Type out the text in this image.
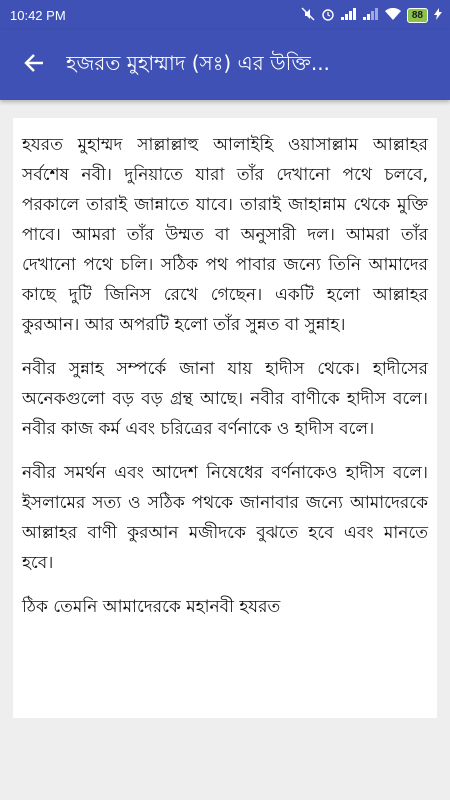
10:42 PM	88
হজরত মুহাম্মাদ (সঃ) এর উক্তি...

হযরত মুহাম্মদ সাল্লাল্লাহু আলাইহি ওয়াসাল্লাম আল্লাহর সর্বশেষ নবী। দুনিয়াতে যারা তাঁর দেখানো পথে চলবে, পরকালে তারাই জান্নাতে যাবে। তারাই জাহান্নাম থেকে মুক্তি পাবে। আমরা তাঁর উম্মত বা অনুসারী দল। আমরা তাঁর দেখানো পথে চলি। সঠিক পথ পাবার জন্যে তিনি আমাদের কাছে দুটি জিনিস রেখে গেছেন। একটি হলো আল্লাহর কুরআন। আর অপরটি হলো তাঁর সুন্নত বা সুন্নাহ।

নবীর সুন্নাহ সম্পর্কে জানা যায় হাদীস থেকে। হাদীসের অনেকগুলো বড় বড় গ্রন্থ আছে। নবীর বাণীকে হাদীস বলে। নবীর কাজ কর্ম এবং চরিত্রের বর্ণনাকে ও হাদীস বলে।

নবীর সমর্থন এবং আদেশ নিষেধের বর্ণনাকেও হাদীস বলে। ইসলামের সত্য ও সঠিক পথকে জানাবার জন্যে আমাদেরকে আল্লাহর বাণী কুরআন মজীদকে বুঝতে হবে এবং মানতে হবে।

ঠিক তেমনি আমাদেরকে মহানবী হযরত
